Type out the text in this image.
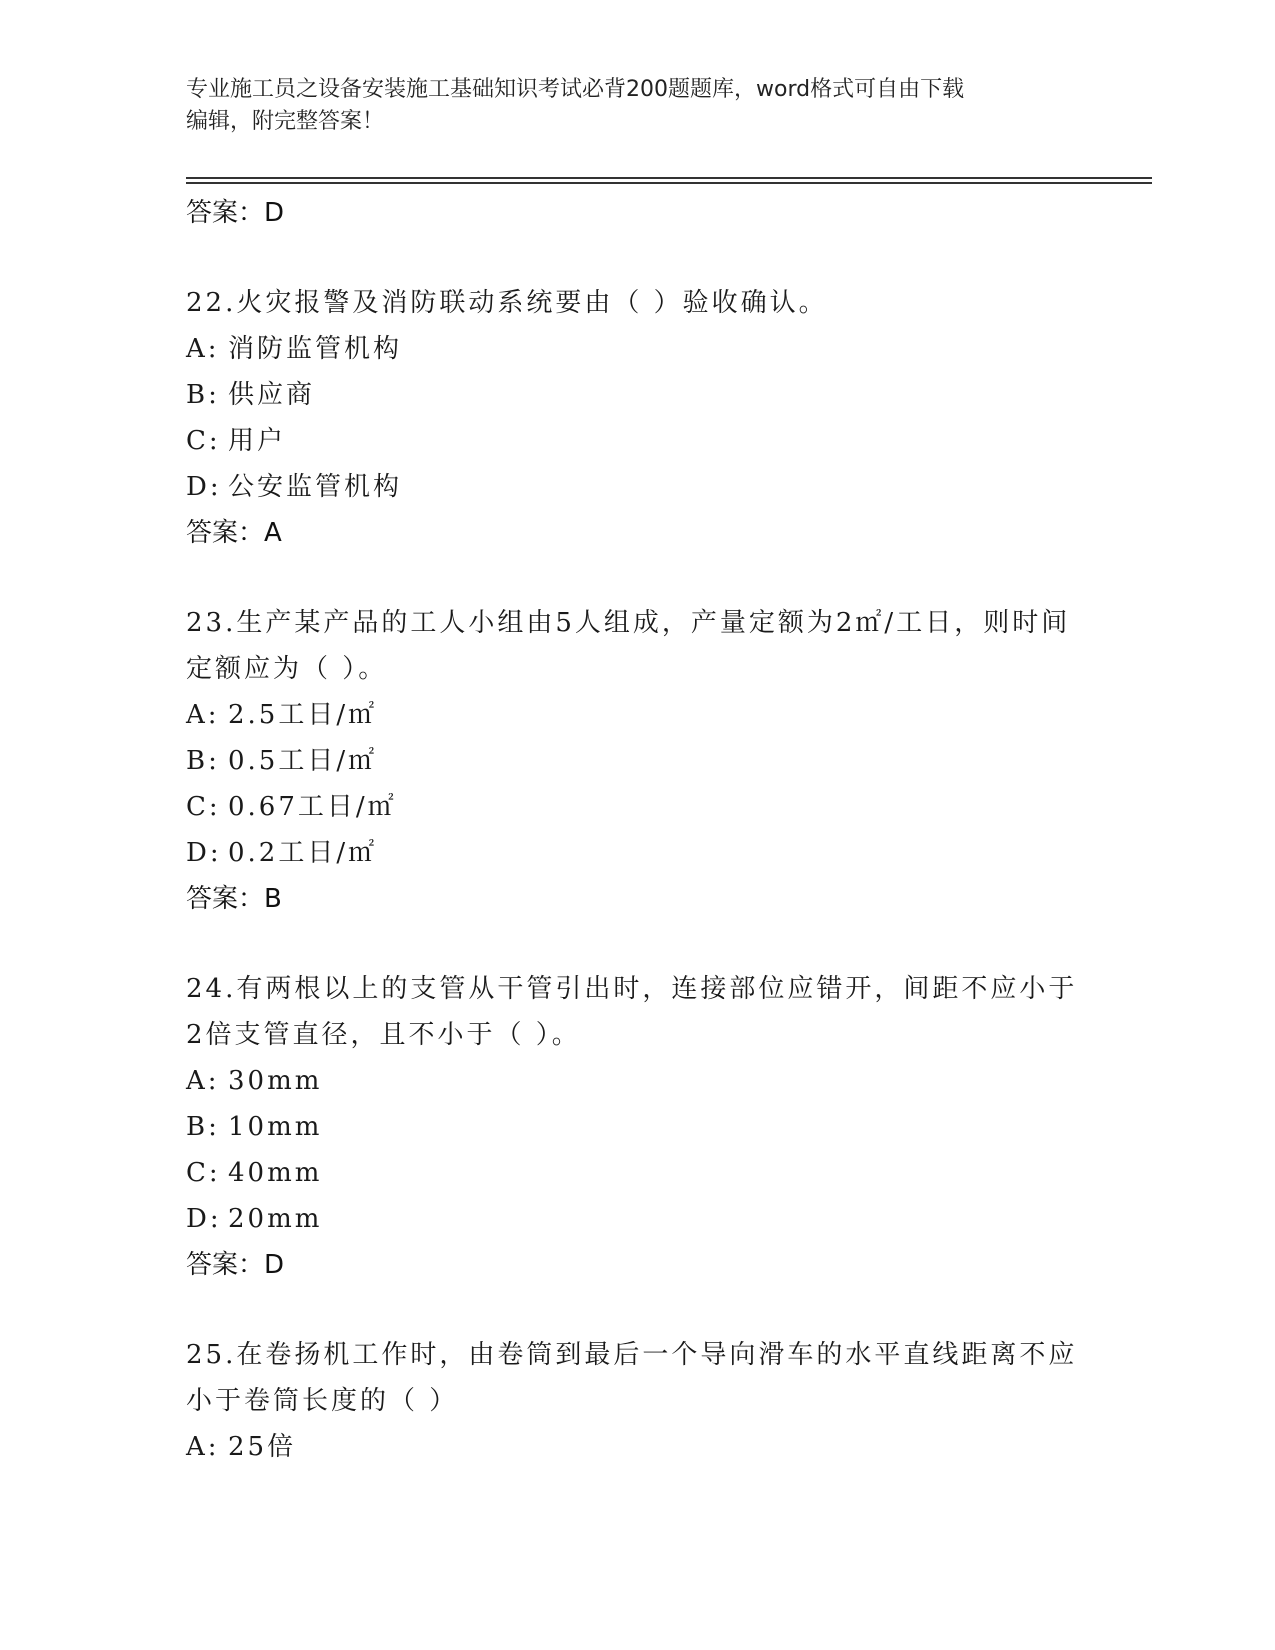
专业施工员之设备安装施工基础知识考试必背200题题库，word格式可自由下载
编辑，附完整答案！
答案：D
22.火灾报警及消防联动系统要由（ ）验收确认。
A: 消防监管机构
B: 供应商
C: 用户
D: 公安监管机构
答案：A
23.生产某产品的工人小组由5人组成，产量定额为2㎡/工日，则时间
定额应为（ ）。
A: 2.5工日/㎡
B: 0.5工日/㎡
C: 0.67工日/㎡
D: 0.2工日/㎡
答案：B
24.有两根以上的支管从干管引出时，连接部位应错开，间距不应小于
2倍支管直径，且不小于（ ）。
A: 30mm
B: 10mm
C: 40mm
D: 20mm
答案：D
25.在卷扬机工作时，由卷筒到最后一个导向滑车的水平直线距离不应
小于卷筒长度的（ ）
A: 25倍
